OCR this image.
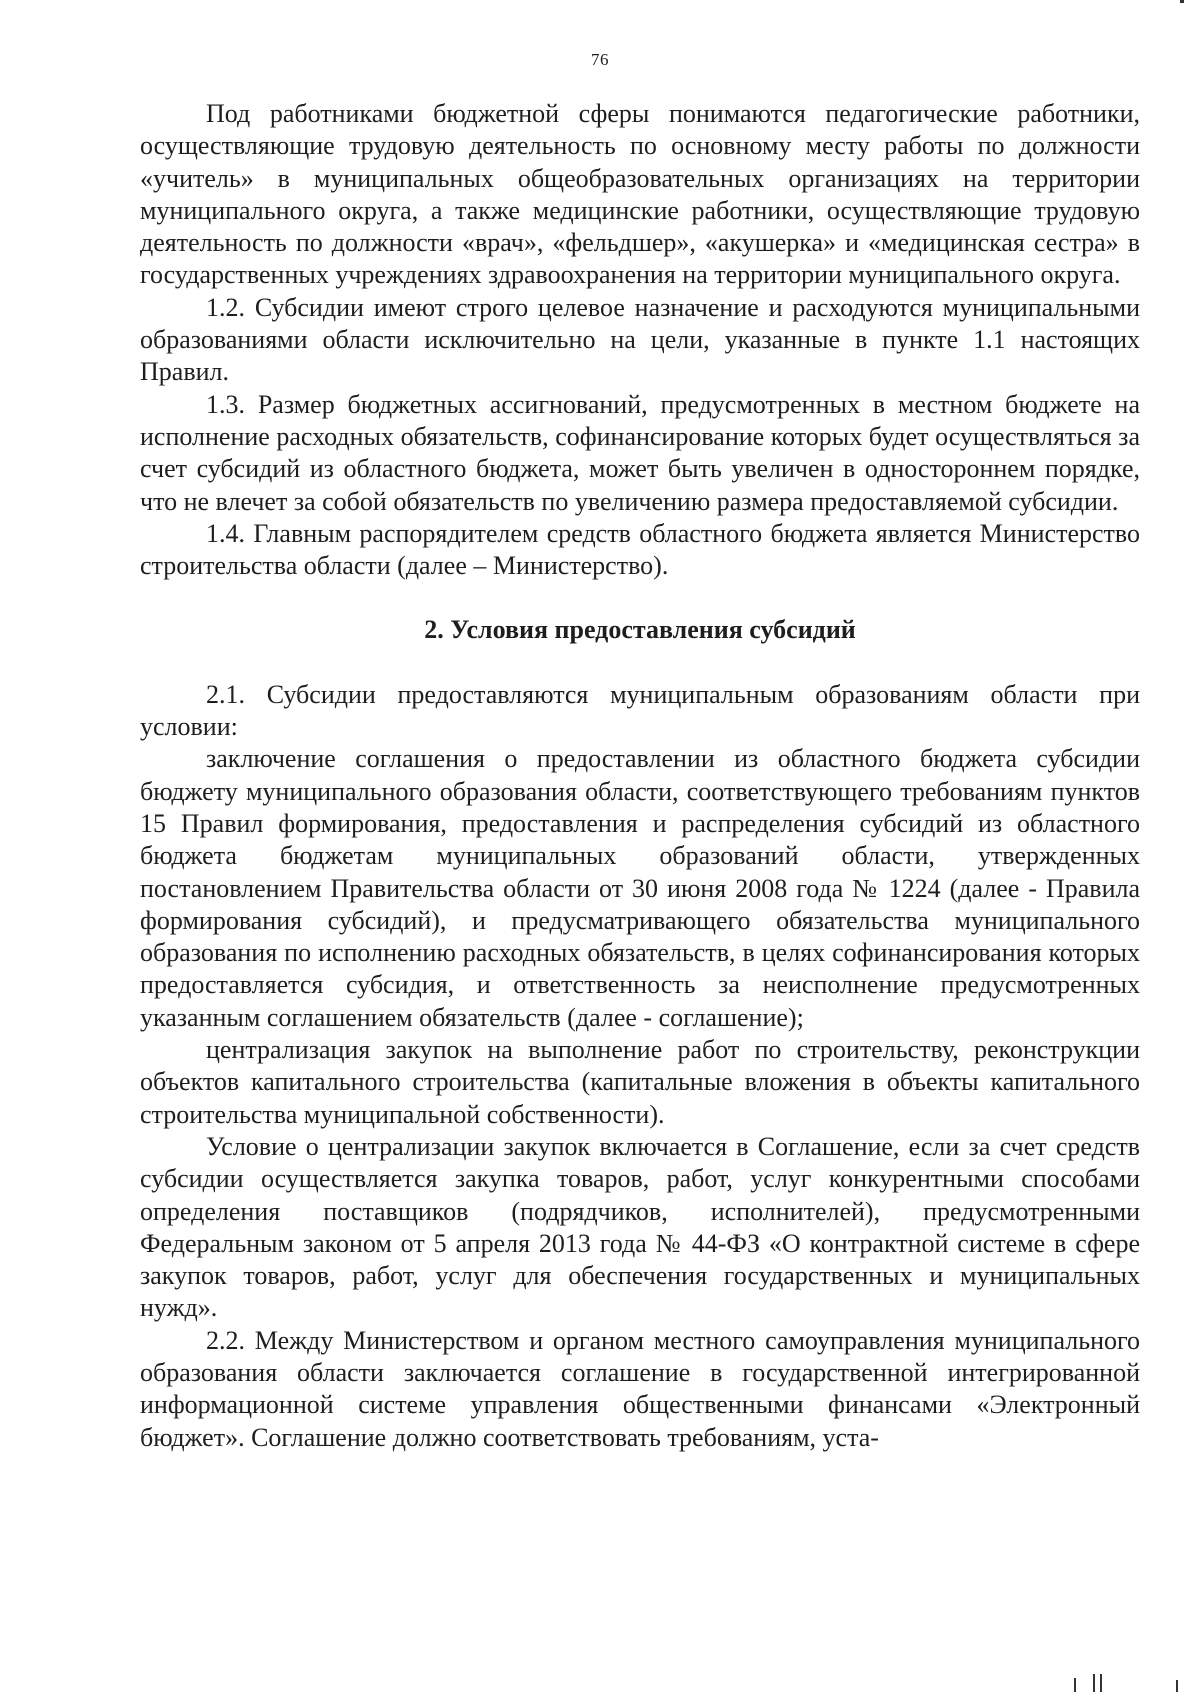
76

Под работниками бюджетной сферы понимаются педагогические работники, осуществляющие трудовую деятельность по основному месту работы по должности «учитель» в муниципальных общеобразовательных организациях на территории муниципального округа, а также медицинские работники, осуществляющие трудовую деятельность по должности «врач», «фельдшер», «акушерка» и «медицинская сестра» в государственных учреждениях здравоохранения на территории муниципального округа.

1.2. Субсидии имеют строго целевое назначение и расходуются муниципальными образованиями области исключительно на цели, указанные в пункте 1.1 настоящих Правил.

1.3. Размер бюджетных ассигнований, предусмотренных в местном бюджете на исполнение расходных обязательств, софинансирование которых будет осуществляться за счет субсидий из областного бюджета, может быть увеличен в одностороннем порядке, что не влечет за собой обязательств по увеличению размера предоставляемой субсидии.

1.4. Главным распорядителем средств областного бюджета является Министерство строительства области (далее – Министерство).

2. Условия предоставления субсидий

2.1. Субсидии предоставляются муниципальным образованиям области при условии:

заключение соглашения о предоставлении из областного бюджета субсидии бюджету муниципального образования области, соответствующего требованиям пунктов 15 Правил формирования, предоставления и распределения субсидий из областного бюджета бюджетам муниципальных образований области, утвержденных постановлением Правительства области от 30 июня 2008 года № 1224 (далее - Правила формирования субсидий), и предусматривающего обязательства муниципального образования по исполнению расходных обязательств, в целях софинансирования которых предоставляется субсидия, и ответственность за неисполнение предусмотренных указанным соглашением обязательств (далее - соглашение);

централизация закупок на выполнение работ по строительству, реконструкции объектов капитального строительства (капитальные вложения в объекты капитального строительства муниципальной собственности).

Условие о централизации закупок включается в Соглашение, если за счет средств субсидии осуществляется закупка товаров, работ, услуг конкурентными способами определения поставщиков (подрядчиков, исполнителей), предусмотренными Федеральным законом от 5 апреля 2013 года № 44-ФЗ «О контрактной системе в сфере закупок товаров, работ, услуг для обеспечения государственных и муниципальных нужд».

2.2. Между Министерством и органом местного самоуправления муниципального образования области заключается соглашение в государственной интегрированной информационной системе управления общественными финансами «Электронный бюджет». Соглашение должно соответствовать требованиям, уста-
